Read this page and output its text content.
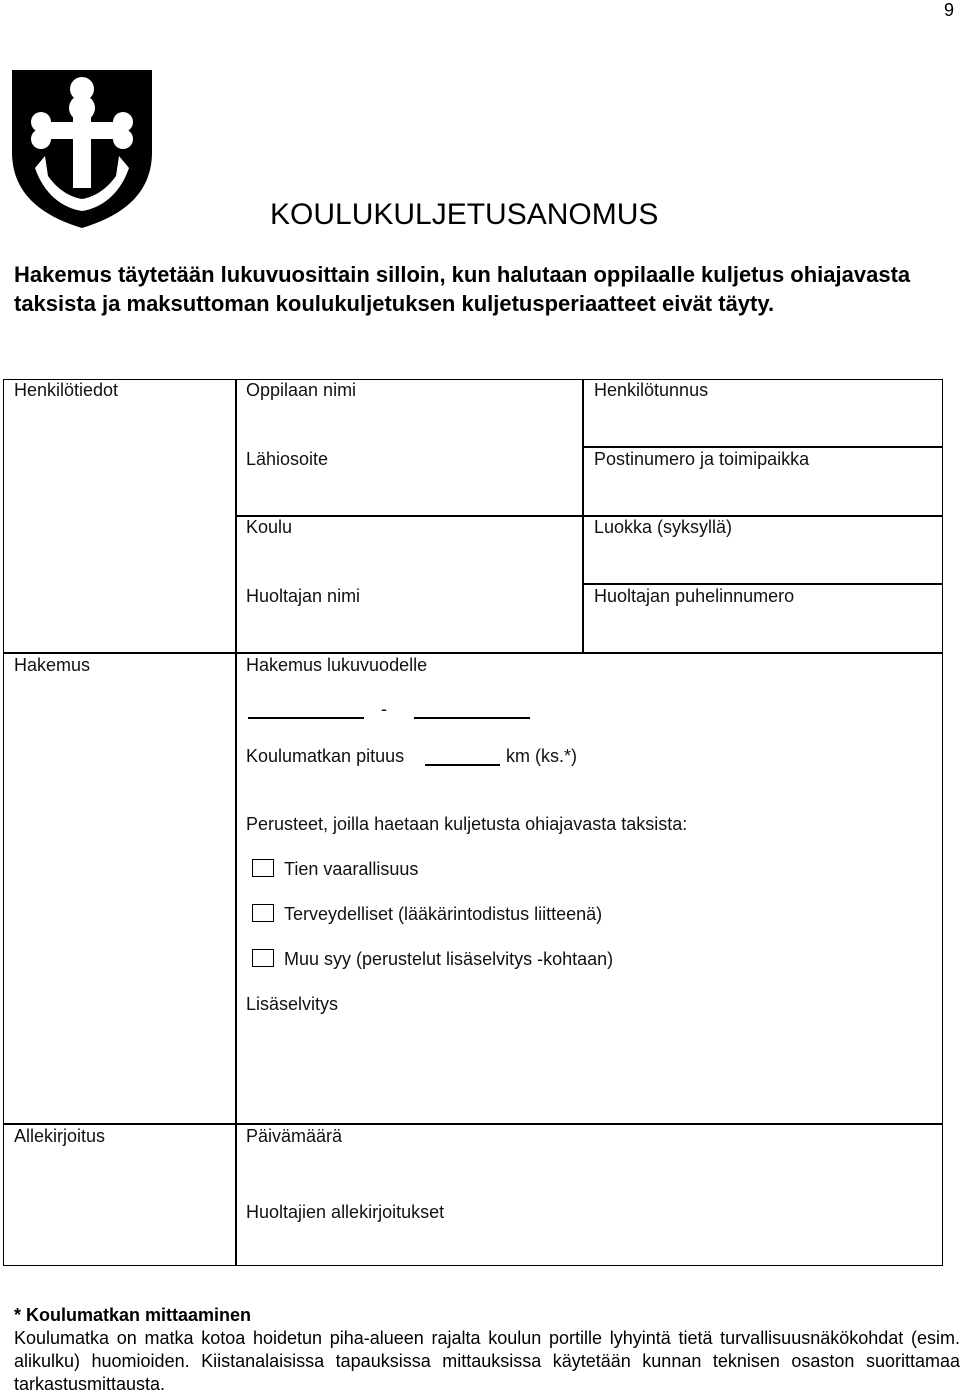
9
KOULUKULJETUSANOMUS
Hakemus täytetään lukuvuosittain silloin, kun halutaan oppilaalle kuljetus ohiajavasta taksista ja maksuttoman koulukuljetuksen kuljetusperiaatteet eivät täyty.
Henkilötiedot	Oppilaan nimi	Henkilötunnus
Lähiosoite	Postinumero ja toimipaikka
Koulu	Luokka (syksyllä)
Huoltajan nimi	Huoltajan puhelinnumero
Hakemus	Hakemus lukuvuodelle
-
Koulumatkan pituus	km (ks.*)
Perusteet, joilla haetaan kuljetusta ohiajavasta taksista:
Tien vaarallisuus
Terveydelliset (lääkärintodistus liitteenä)
Muu syy (perustelut lisäselvitys -kohtaan)
Lisäselvitys
Allekirjoitus	Päivämäärä
Huoltajien allekirjoitukset
* Koulumatkan mittaaminen
Koulumatka on matka kotoa hoidetun piha-alueen rajalta koulun portille lyhyintä tietä turvallisuusnäkökohdat (esim. alikulku) huomioiden. Kiistanalaisissa tapauksissa mittauksissa käytetään kunnan teknisen osaston suorittamaa tarkastusmittausta.
